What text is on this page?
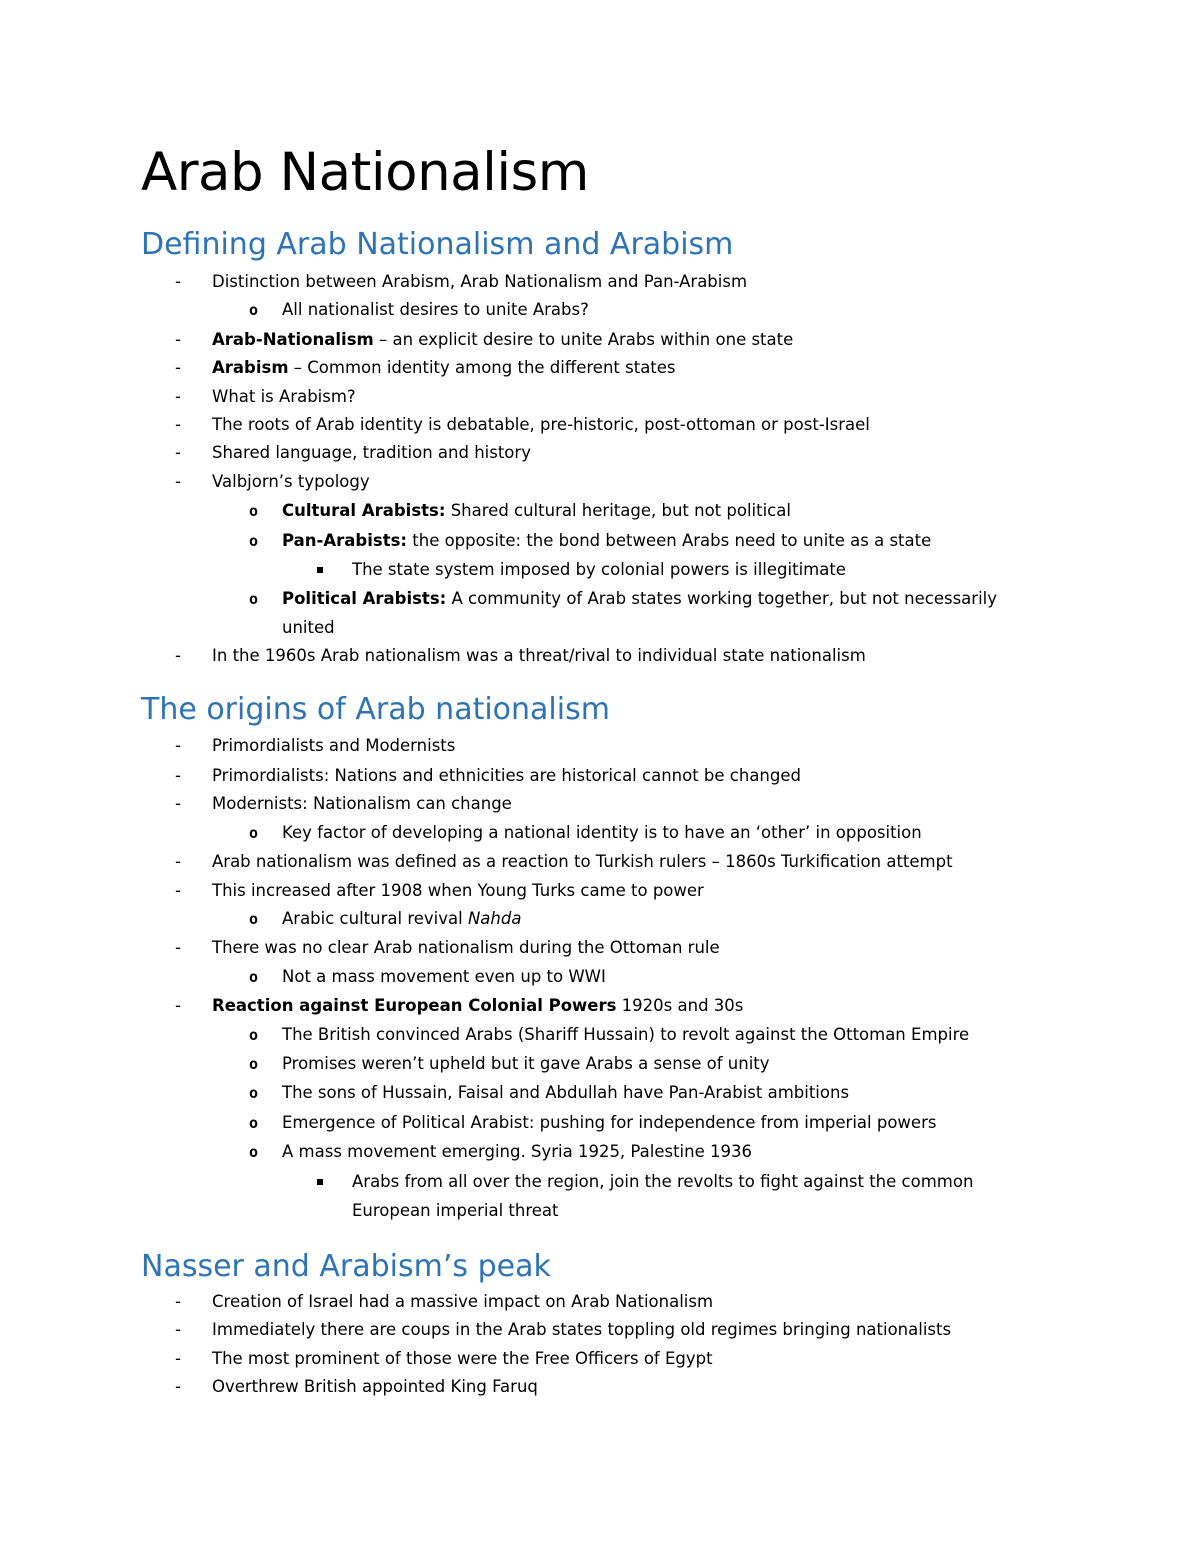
Arab Nationalism
Defining Arab Nationalism and Arabism
- Distinction between Arabism, Arab Nationalism and Pan-Arabism
o All nationalist desires to unite Arabs?
- Arab-Nationalism – an explicit desire to unite Arabs within one state
- Arabism – Common identity among the different states
- What is Arabism?
- The roots of Arab identity is debatable, pre-historic, post-ottoman or post-Israel
- Shared language, tradition and history
- Valbjorn’s typology
o Cultural Arabists: Shared cultural heritage, but not political
o Pan-Arabists: the opposite: the bond between Arabs need to unite as a state
The state system imposed by colonial powers is illegitimate
o Political Arabists: A community of Arab states working together, but not necessarily
united
- In the 1960s Arab nationalism was a threat/rival to individual state nationalism
The origins of Arab nationalism
- Primordialists and Modernists
- Primordialists: Nations and ethnicities are historical cannot be changed
- Modernists: Nationalism can change
o Key factor of developing a national identity is to have an ‘other’ in opposition
- Arab nationalism was defined as a reaction to Turkish rulers – 1860s Turkification attempt
- This increased after 1908 when Young Turks came to power
o Arabic cultural revival Nahda
- There was no clear Arab nationalism during the Ottoman rule
o Not a mass movement even up to WWI
- Reaction against European Colonial Powers 1920s and 30s
o The British convinced Arabs (Shariff Hussain) to revolt against the Ottoman Empire
o Promises weren’t upheld but it gave Arabs a sense of unity
o The sons of Hussain, Faisal and Abdullah have Pan-Arabist ambitions
o Emergence of Political Arabist: pushing for independence from imperial powers
o A mass movement emerging. Syria 1925, Palestine 1936
Arabs from all over the region, join the revolts to fight against the common
European imperial threat
Nasser and Arabism’s peak
- Creation of Israel had a massive impact on Arab Nationalism
- Immediately there are coups in the Arab states toppling old regimes bringing nationalists
- The most prominent of those were the Free Officers of Egypt
- Overthrew British appointed King Faruq
